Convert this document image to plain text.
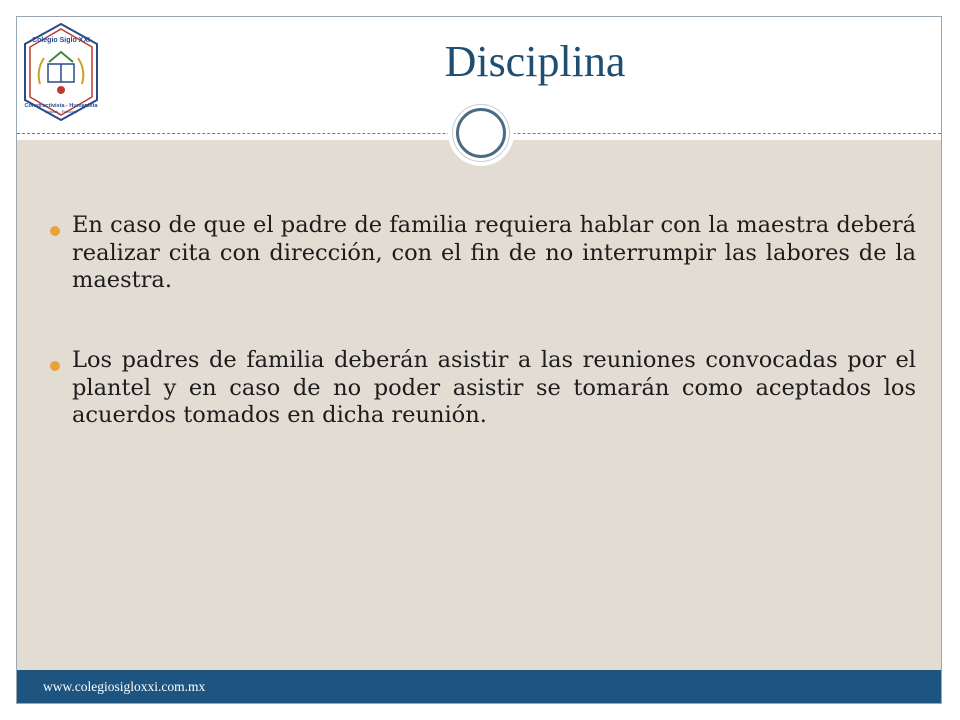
Colegio Siglo XXI
Constructivista - Humanista
English - Français
Disciplina
En caso de que el padre de familia requiera hablar con la maestra deberá realizar cita con dirección, con el fin de no interrumpir las labores de la maestra.
Los padres de familia deberán asistir a las reuniones convocadas por el plantel y en caso de no poder asistir se tomarán como aceptados los acuerdos tomados en dicha reunión.
www.colegiosigloxxi.com.mx
